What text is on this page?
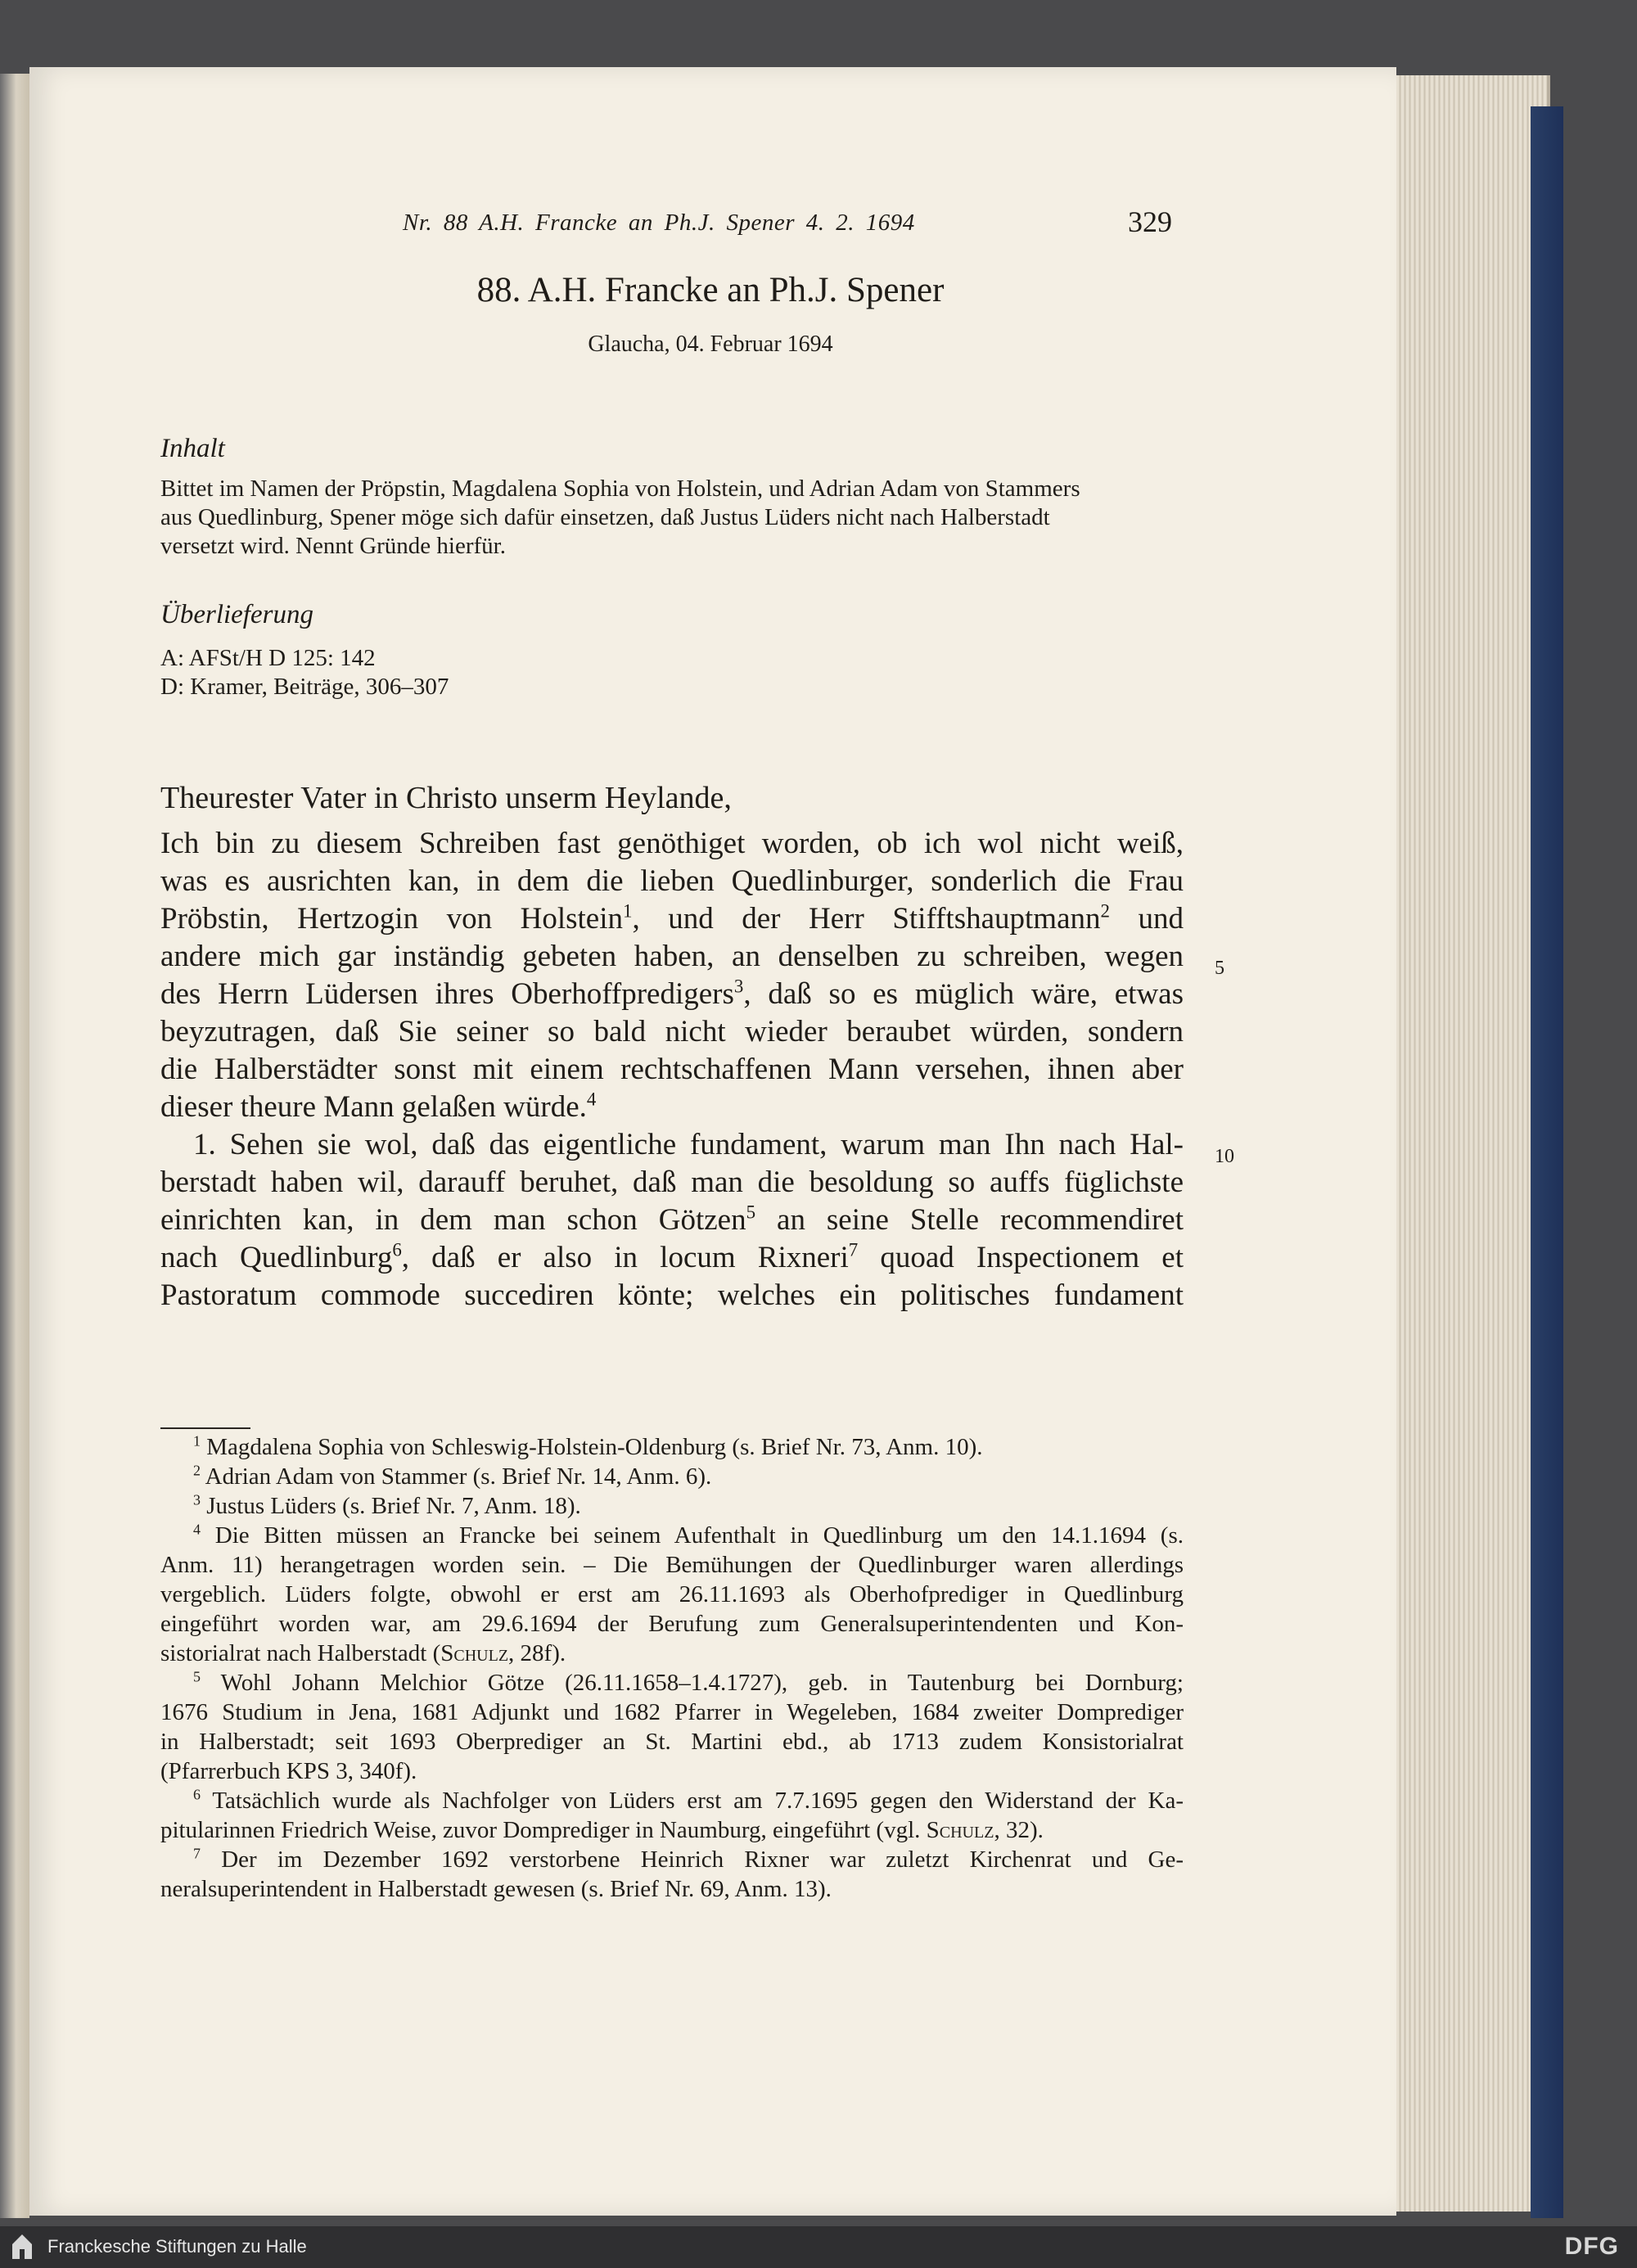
Nr. 88 A.H. Francke an Ph.J. Spener 4. 2. 1694	329
88. A.H. Francke an Ph.J. Spener
Glaucha, 04. Februar 1694
Inhalt
Bittet im Namen der Pröpstin, Magdalena Sophia von Holstein, und Adrian Adam von Stammers
aus Quedlinburg, Spener möge sich dafür einsetzen, daß Justus Lüders nicht nach Halberstadt
versetzt wird. Nennt Gründe hierfür.
Überlieferung
A: AFSt/H D 125: 142
D: Kramer, Beiträge, 306–307
Theurester Vater in Christo unserm Heylande,
Ich bin zu diesem Schreiben fast genöthiget worden, ob ich wol nicht weiß,
was es ausrichten kan, in dem die lieben Quedlinburger, sonderlich die Frau
Pröbstin, Hertzogin von Holstein$^1$, und der Herr Stifftshauptmann$^2$ und
andere mich gar inständig gebeten haben, an denselben zu schreiben, wegen
des Herrn Lüdersen ihres Oberhoffpredigers$^3$, daß so es müglich wäre, etwas
beyzutragen, daß Sie seiner so bald nicht wieder beraubet würden, sondern
die Halberstädter sonst mit einem rechtschaffenen Mann versehen, ihnen aber
dieser theure Mann gelaßen würde.$^4$
1. Sehen sie wol, daß das eigentliche fundament, warum man Ihn nach Hal-
berstadt haben wil, darauff beruhet, daß man die besoldung so auffs füglichste
einrichten kan, in dem man schon Götzen$^5$ an seine Stelle recommendiret
nach Quedlinburg$^6$, daß er also in locum Rixneri$^7$ quoad Inspectionem et
Pastoratum commode succediren könte; welches ein politisches fundament
5
10
$^1$ Magdalena Sophia von Schleswig-Holstein-Oldenburg (s. Brief Nr. 73, Anm. 10).
$^2$ Adrian Adam von Stammer (s. Brief Nr. 14, Anm. 6).
$^3$ Justus Lüders (s. Brief Nr. 7, Anm. 18).
$^4$ Die Bitten müssen an Francke bei seinem Aufenthalt in Quedlinburg um den 14.1.1694 (s.
Anm. 11) herangetragen worden sein. – Die Bemühungen der Quedlinburger waren allerdings
vergeblich. Lüders folgte, obwohl er erst am 26.11.1693 als Oberhofprediger in Quedlinburg
eingeführt worden war, am 29.6.1694 der Berufung zum Generalsuperintendenten und Kon-
sistorialrat nach Halberstadt (Schulz, 28f).
$^5$ Wohl Johann Melchior Götze (26.11.1658–1.4.1727), geb. in Tautenburg bei Dornburg;
1676 Studium in Jena, 1681 Adjunkt und 1682 Pfarrer in Wegeleben, 1684 zweiter Domprediger
in Halberstadt; seit 1693 Oberprediger an St. Martini ebd., ab 1713 zudem Konsistorialrat
(Pfarrerbuch KPS 3, 340f).
$^6$ Tatsächlich wurde als Nachfolger von Lüders erst am 7.7.1695 gegen den Widerstand der Ka-
pitularinnen Friedrich Weise, zuvor Domprediger in Naumburg, eingeführt (vgl. Schulz, 32).
$^7$ Der im Dezember 1692 verstorbene Heinrich Rixner war zuletzt Kirchenrat und Ge-
neralsuperintendent in Halberstadt gewesen (s. Brief Nr. 69, Anm. 13).
Franckesche Stiftungen zu Halle	DFG
